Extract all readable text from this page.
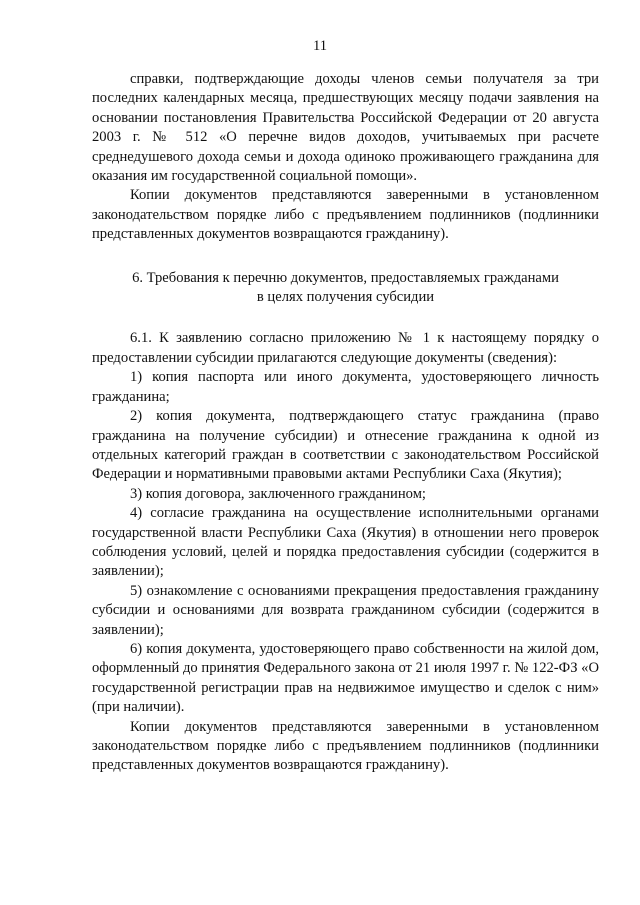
11

справки, подтверждающие доходы членов семьи получателя за три последних календарных месяца, предшествующих месяцу подачи заявления на основании постановления Правительства Российской Федерации от 20 августа 2003 г. № 512 «О перечне видов доходов, учитываемых при расчете среднедушевого дохода семьи и дохода одиноко проживающего гражданина для оказания им государственной социальной помощи».

Копии документов представляются заверенными в установленном законодательством порядке либо с предъявлением подлинников (подлинники представленных документов возвращаются гражданину).

6. Требования к перечню документов, предоставляемых гражданами
в целях получения субсидии

6.1. К заявлению согласно приложению № 1 к настоящему порядку о предоставлении субсидии прилагаются следующие документы (сведения):

1) копия паспорта или иного документа, удостоверяющего личность гражданина;

2) копия документа, подтверждающего статус гражданина (право гражданина на получение субсидии) и отнесение гражданина к одной из отдельных категорий граждан в соответствии с законодательством Российской Федерации и нормативными правовыми актами Республики Саха (Якутия);

3) копия договора, заключенного гражданином;

4) согласие гражданина на осуществление исполнительными органами государственной власти Республики Саха (Якутия) в отношении него проверок соблюдения условий, целей и порядка предоставления субсидии (содержится в заявлении);

5) ознакомление с основаниями прекращения предоставления гражданину субсидии и основаниями для возврата гражданином субсидии (содержится в заявлении);

6) копия документа, удостоверяющего право собственности на жилой дом, оформленный до принятия Федерального закона от 21 июля 1997 г. № 122-ФЗ «О государственной регистрации прав на недвижимое имущество и сделок с ним» (при наличии).

Копии документов представляются заверенными в установленном законодательством порядке либо с предъявлением подлинников (подлинники представленных документов возвращаются гражданину).
